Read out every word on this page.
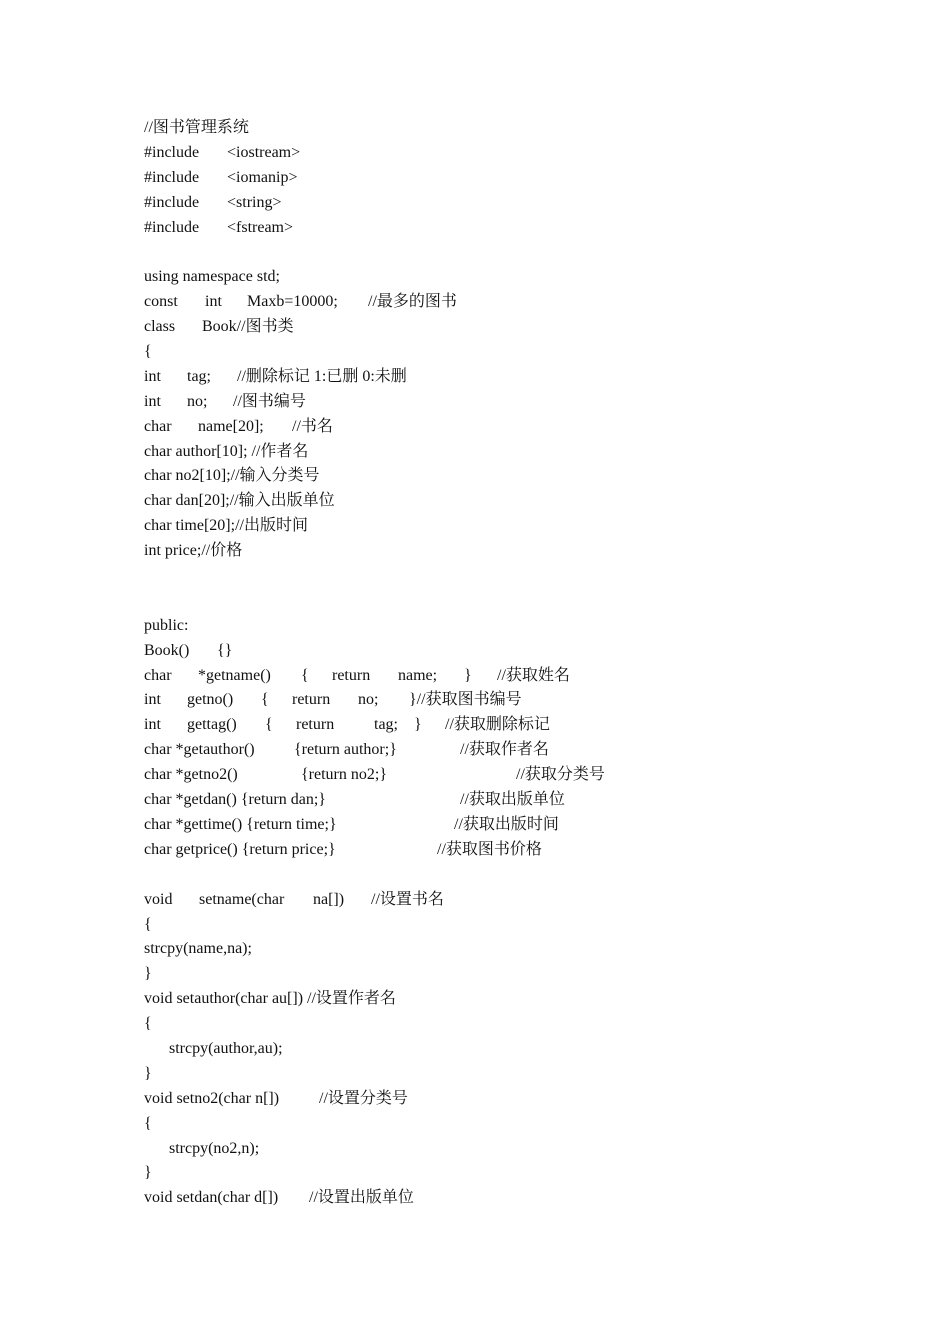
//图书管理系统
#include <iostream>
#include <iomanip>
#include <string>
#include <fstream>
using namespace std;
const int Maxb=10000; //最多的图书
class Book//图书类
{
int tag; //删除标记 1:已删 0:未删
int no; //图书编号
char name[20]; //书名
char author[10]; //作者名
char no2[10];//输入分类号
char dan[20];//输入出版单位
char time[20];//出版时间
int price;//价格
public:
Book() {}
char *getname() { return name; } //获取姓名
int getno() { return no; }//获取图书编号
int gettag() { return tag; } //获取删除标记
char *getauthor() {return author;}	//获取作者名
char *getno2()	{return no2;}	//获取分类号
char *getdan() {return dan;}	//获取出版单位
char *gettime() {return time;}	//获取出版时间
char getprice() {return price;}	//获取图书价格
void setname(char na[]) //设置书名
{
strcpy(name,na);
}
void setauthor(char au[]) //设置作者名
{
strcpy(author,au);
}
void setno2(char n[]) //设置分类号
{
strcpy(no2,n);
}
void setdan(char d[]) //设置出版单位
